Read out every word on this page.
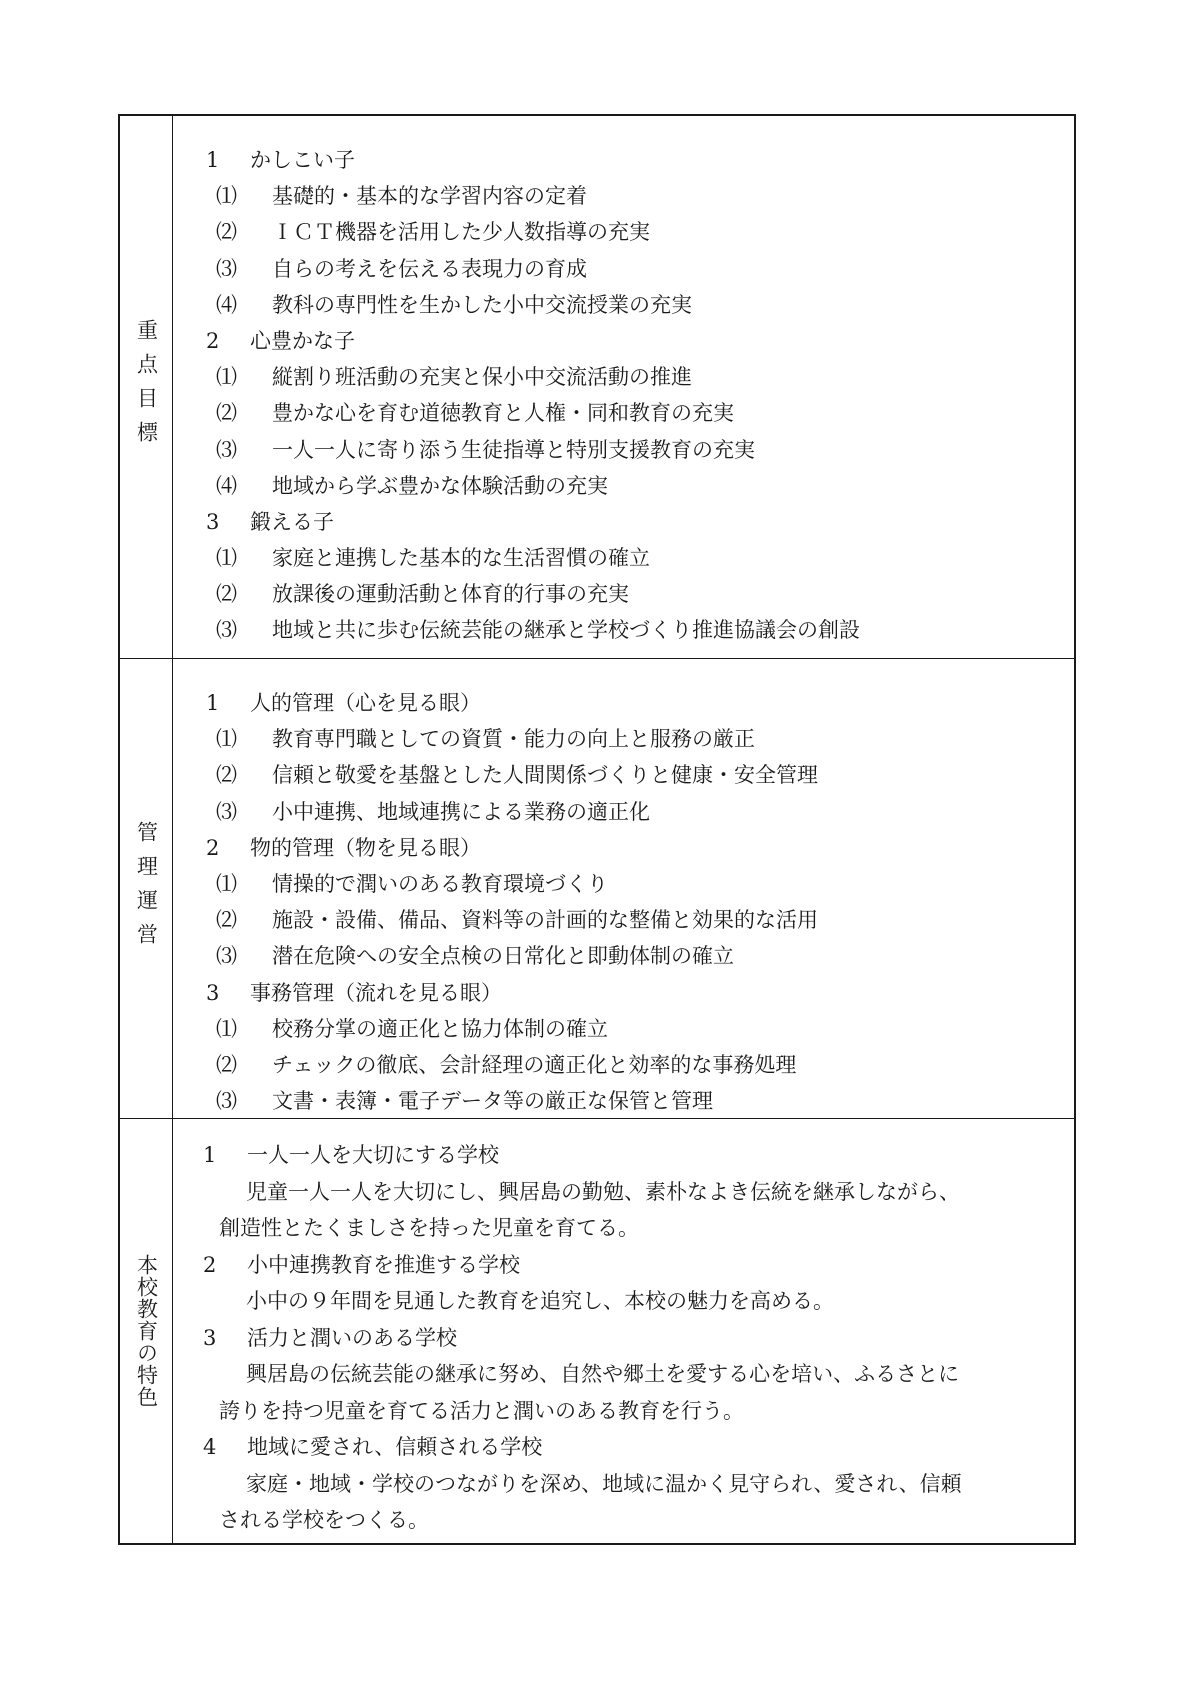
重点目標
1	かしこい子
⑴	基礎的・基本的な学習内容の定着
⑵	ＩＣＴ機器を活用した少人数指導の充実
⑶	自らの考えを伝える表現力の育成
⑷	教科の専門性を生かした小中交流授業の充実
2	心豊かな子
⑴	縦割り班活動の充実と保小中交流活動の推進
⑵	豊かな心を育む道徳教育と人権・同和教育の充実
⑶	一人一人に寄り添う生徒指導と特別支援教育の充実
⑷	地域から学ぶ豊かな体験活動の充実
3	鍛える子
⑴	家庭と連携した基本的な生活習慣の確立
⑵	放課後の運動活動と体育的行事の充実
⑶	地域と共に歩む伝統芸能の継承と学校づくり推進協議会の創設
管理運営
1	人的管理（心を見る眼）
⑴	教育専門職としての資質・能力の向上と服務の厳正
⑵	信頼と敬愛を基盤とした人間関係づくりと健康・安全管理
⑶	小中連携、地域連携による業務の適正化
2	物的管理（物を見る眼）
⑴	情操的で潤いのある教育環境づくり
⑵	施設・設備、備品、資料等の計画的な整備と効果的な活用
⑶	潜在危険への安全点検の日常化と即動体制の確立
3	事務管理（流れを見る眼）
⑴	校務分掌の適正化と協力体制の確立
⑵	チェックの徹底、会計経理の適正化と効率的な事務処理
⑶	文書・表簿・電子データ等の厳正な保管と管理
本校教育の特色
1	一人一人を大切にする学校
児童一人一人を大切にし、興居島の勤勉、素朴なよき伝統を継承しながら、
創造性とたくましさを持った児童を育てる。
2	小中連携教育を推進する学校
小中の９年間を見通した教育を追究し、本校の魅力を高める。
3	活力と潤いのある学校
興居島の伝統芸能の継承に努め、自然や郷土を愛する心を培い、ふるさとに
誇りを持つ児童を育てる活力と潤いのある教育を行う。
4	地域に愛され、信頼される学校
家庭・地域・学校のつながりを深め、地域に温かく見守られ、愛され、信頼
される学校をつくる。
